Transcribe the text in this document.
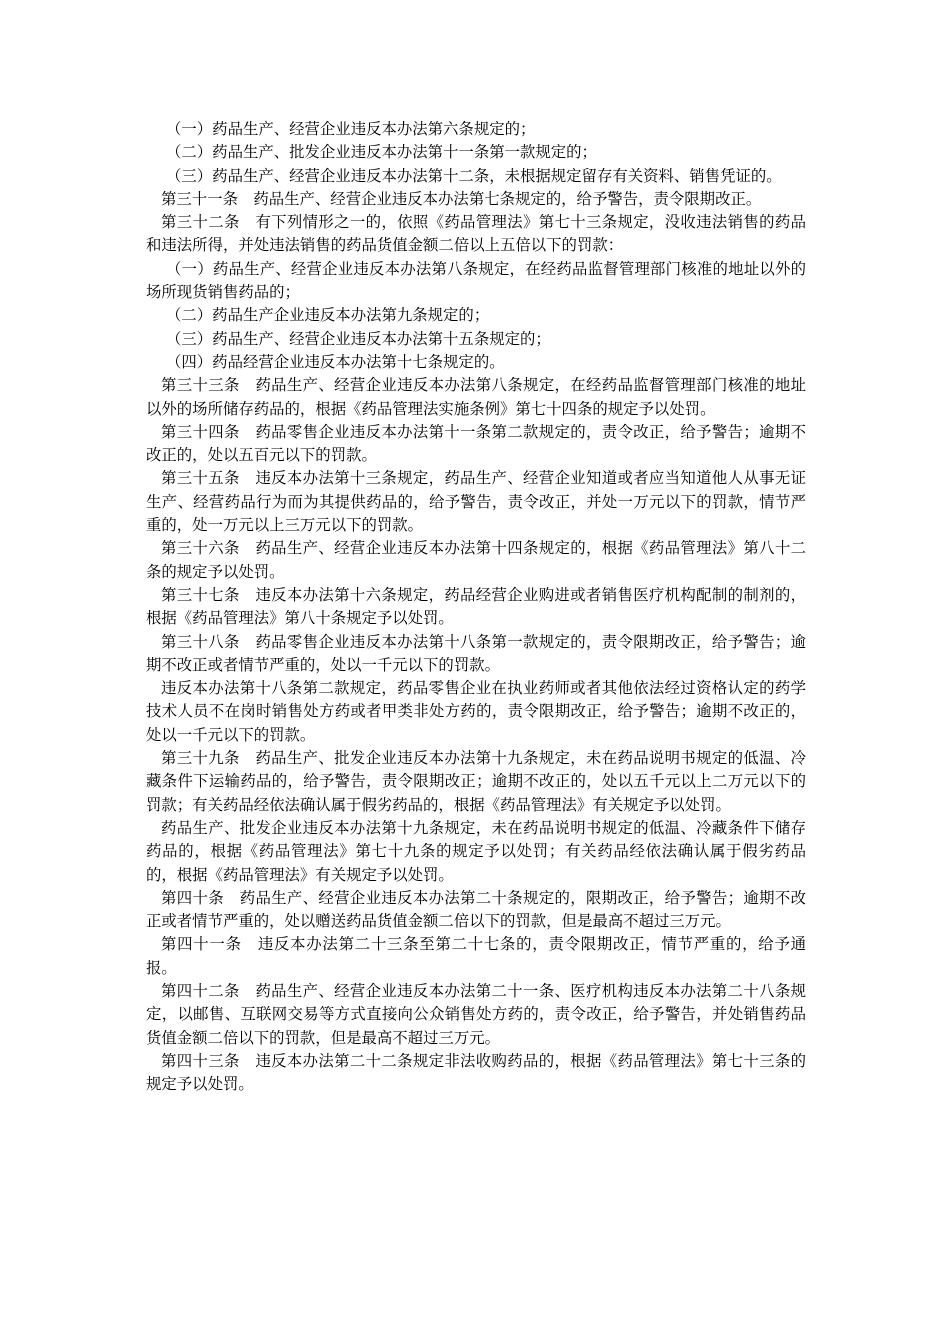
（一）药品生产、经营企业违反本办法第六条规定的；

（二）药品生产、批发企业违反本办法第十一条第一款规定的；

（三）药品生产、经营企业违反本办法第十二条，未根据规定留存有关资料、销售凭证的。

第三十一条　药品生产、经营企业违反本办法第七条规定的，给予警告，责令限期改正。

第三十二条　有下列情形之一的，依照《药品管理法》第七十三条规定，没收违法销售的药品和违法所得，并处违法销售的药品货值金额二倍以上五倍以下的罚款：

（一）药品生产、经营企业违反本办法第八条规定，在经药品监督管理部门核准的地址以外的场所现货销售药品的；

（二）药品生产企业违反本办法第九条规定的；

（三）药品生产、经营企业违反本办法第十五条规定的；

（四）药品经营企业违反本办法第十七条规定的。

第三十三条　药品生产、经营企业违反本办法第八条规定，在经药品监督管理部门核准的地址以外的场所储存药品的，根据《药品管理法实施条例》第七十四条的规定予以处罚。

第三十四条　药品零售企业违反本办法第十一条第二款规定的，责令改正，给予警告；逾期不改正的，处以五百元以下的罚款。

第三十五条　违反本办法第十三条规定，药品生产、经营企业知道或者应当知道他人从事无证生产、经营药品行为而为其提供药品的，给予警告，责令改正，并处一万元以下的罚款，情节严重的，处一万元以上三万元以下的罚款。

第三十六条　药品生产、经营企业违反本办法第十四条规定的，根据《药品管理法》第八十二条的规定予以处罚。

第三十七条　违反本办法第十六条规定，药品经营企业购进或者销售医疗机构配制的制剂的，根据《药品管理法》第八十条规定予以处罚。

第三十八条　药品零售企业违反本办法第十八条第一款规定的，责令限期改正，给予警告；逾期不改正或者情节严重的，处以一千元以下的罚款。

违反本办法第十八条第二款规定，药品零售企业在执业药师或者其他依法经过资格认定的药学技术人员不在岗时销售处方药或者甲类非处方药的，责令限期改正，给予警告；逾期不改正的，处以一千元以下的罚款。

第三十九条　药品生产、批发企业违反本办法第十九条规定，未在药品说明书规定的低温、冷藏条件下运输药品的，给予警告，责令限期改正；逾期不改正的，处以五千元以上二万元以下的罚款；有关药品经依法确认属于假劣药品的，根据《药品管理法》有关规定予以处罚。

药品生产、批发企业违反本办法第十九条规定，未在药品说明书规定的低温、冷藏条件下储存药品的，根据《药品管理法》第七十九条的规定予以处罚；有关药品经依法确认属于假劣药品的，根据《药品管理法》有关规定予以处罚。

第四十条　药品生产、经营企业违反本办法第二十条规定的，限期改正，给予警告；逾期不改正或者情节严重的，处以赠送药品货值金额二倍以下的罚款，但是最高不超过三万元。

第四十一条　违反本办法第二十三条至第二十七条的，责令限期改正，情节严重的，给予通报。

第四十二条　药品生产、经营企业违反本办法第二十一条、医疗机构违反本办法第二十八条规定，以邮售、互联网交易等方式直接向公众销售处方药的，责令改正，给予警告，并处销售药品货值金额二倍以下的罚款，但是最高不超过三万元。

第四十三条　违反本办法第二十二条规定非法收购药品的，根据《药品管理法》第七十三条的规定予以处罚。
